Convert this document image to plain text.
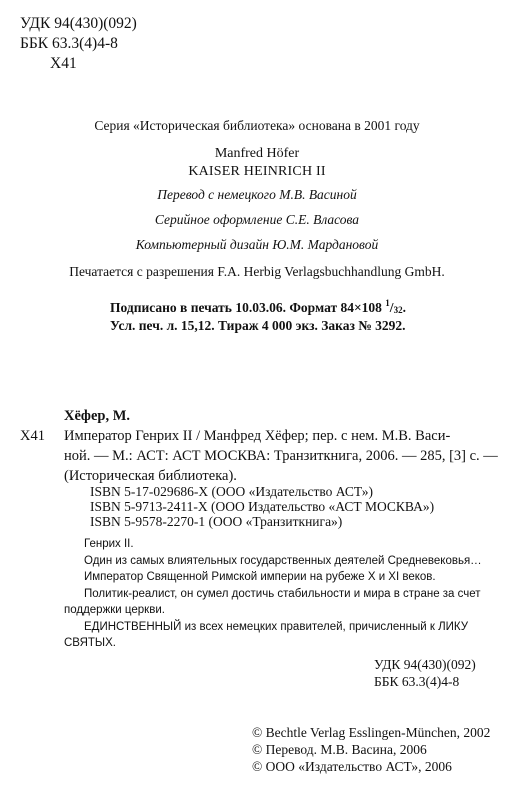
УДК 94(430)(092)
ББК 63.3(4)4-8
Х41
Серия «Историческая библиотека» основана в 2001 году
Manfred Höfer
KAISER HEINRICH II
Перевод с немецкого М.В. Васиной
Серийное оформление С.Е. Власова
Компьютерный дизайн Ю.М. Мардановой
Печатается с разрешения F.A. Herbig Verlagsbuchhandlung GmbH.
Подписано в печать 10.03.06. Формат 84×108 $^1/_{32}$.
Усл. печ. л. 15,12. Тираж 4 000 экз. Заказ № 3292.
Хёфер, М.
Х41 Император Генрих II / Манфред Хёфер; пер. с нем. М.В. Васи-
ной. — М.: АСТ: АСТ МОСКВА: Транзиткнига, 2006. — 285, [3] с. —
(Историческая библиотека).
ISBN 5-17-029686-X (ООО «Издательство АСТ»)
ISBN 5-9713-2411-X (ООО Издательство «АСТ МОСКВА»)
ISBN 5-9578-2270-1 (ООО «Транзиткнига»)
Генрих II.
Один из самых влиятельных государственных деятелей Средневековья…
Император Священной Римской империи на рубеже X и XI веков.
Политик-реалист, он сумел достичь стабильности и мира в стране за счет
поддержки церкви.
ЕДИНСТВЕННЫЙ из всех немецких правителей, причисленный к ЛИКУ
СВЯТЫХ.
УДК 94(430)(092)
ББК 63.3(4)4-8
© Bechtle Verlag Esslingen-München, 2002
© Перевод. М.В. Васина, 2006
© ООО «Издательство АСТ», 2006
